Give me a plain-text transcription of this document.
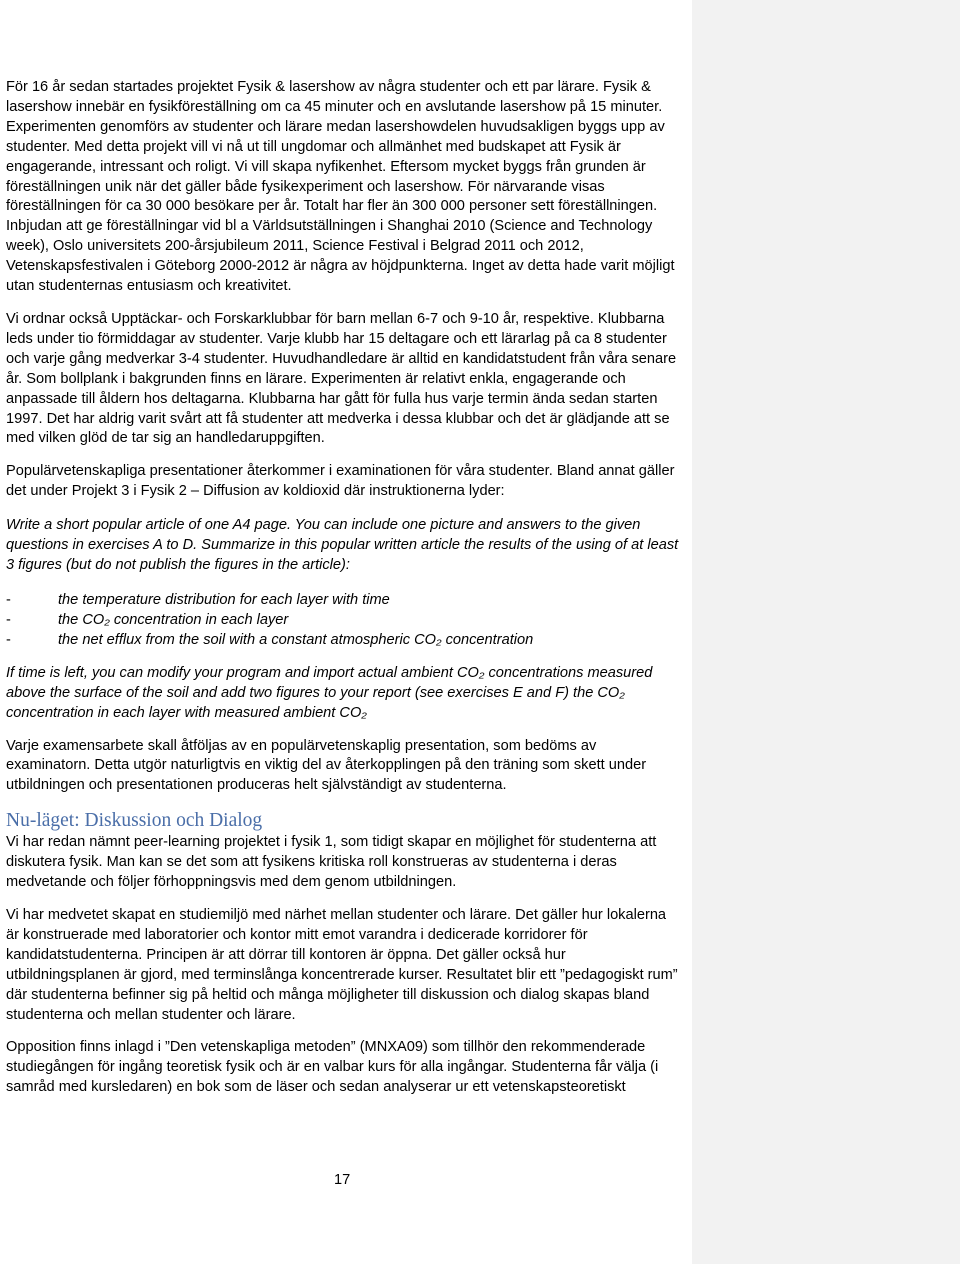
För 16 år sedan startades projektet Fysik & lasershow av några studenter och ett par lärare. Fysik & lasershow innebär en fysikföreställning om ca 45 minuter och en avslutande lasershow på 15 minuter. Experimenten genomförs av studenter och lärare medan lasershowdelen huvudsakligen byggs upp av studenter. Med detta projekt vill vi nå ut till ungdomar och allmänhet med budskapet att Fysik är engagerande, intressant och roligt. Vi vill skapa nyfikenhet. Eftersom mycket byggs från grunden är föreställningen unik när det gäller både fysikexperiment och lasershow. För närvarande visas föreställningen för ca 30 000 besökare per år. Totalt har fler än 300 000 personer sett föreställningen. Inbjudan att ge föreställningar vid bl a Världsutställningen i Shanghai 2010 (Science and Technology week), Oslo universitets 200-årsjubileum 2011, Science Festival i Belgrad 2011 och 2012, Vetenskapsfestivalen i Göteborg 2000-2012 är några av höjdpunkterna. Inget av detta hade varit möjligt utan studenternas entusiasm och kreativitet.

Vi ordnar också Upptäckar- och Forskarklubbar för barn mellan 6-7 och 9-10 år, respektive. Klubbarna leds under tio förmiddagar av studenter. Varje klubb har 15 deltagare och ett lärarlag på ca 8 studenter och varje gång medverkar 3-4 studenter. Huvudhandledare är alltid en kandidatstudent från våra senare år. Som bollplank i bakgrunden finns en lärare. Experimenten är relativt enkla, engagerande och anpassade till åldern hos deltagarna. Klubbarna har gått för fulla hus varje termin ända sedan starten 1997. Det har aldrig varit svårt att få studenter att medverka i dessa klubbar och det är glädjande att se med vilken glöd de tar sig an handledaruppgiften.

Populärvetenskapliga presentationer återkommer i examinationen för våra studenter. Bland annat gäller det under Projekt 3 i Fysik 2 – Diffusion av koldioxid där instruktionerna lyder:

Write a short popular article of one A4 page. You can include one picture and answers to the given questions in exercises A to D. Summarize in this popular written article the results of the using of at least 3 figures (but do not publish the figures in the article):

-	the temperature distribution for each layer with time
-	the CO₂ concentration in each layer
-	the net efflux from the soil with a constant atmospheric CO₂ concentration

If time is left, you can modify your program and import actual ambient CO₂ concentrations measured above the surface of the soil and add two figures to your report (see exercises E and F) the CO₂ concentration in each layer with measured ambient CO₂

Varje examensarbete skall åtföljas av en populärvetenskaplig presentation, som bedöms av examinatorn. Detta utgör naturligtvis en viktig del av återkopplingen på den träning som skett under utbildningen och presentationen produceras helt självständigt av studenterna.

Nu-läget: Diskussion och Dialog

Vi har redan nämnt peer-learning projektet i fysik 1, som tidigt skapar en möjlighet för studenterna att diskutera fysik. Man kan se det som att fysikens kritiska roll konstrueras av studenterna i deras medvetande och följer förhoppningsvis med dem genom utbildningen.

Vi har medvetet skapat en studiemiljö med närhet mellan studenter och lärare. Det gäller hur lokalerna är konstruerade med laboratorier och kontor mitt emot varandra i dedicerade korridorer för kandidatstudenterna. Principen är att dörrar till kontoren är öppna. Det gäller också hur utbildningsplanen är gjord, med terminslånga koncentrerade kurser. Resultatet blir ett ”pedagogiskt rum” där studenterna befinner sig på heltid och många möjligheter till diskussion och dialog skapas bland studenterna och mellan studenter och lärare.

Opposition finns inlagd i ”Den vetenskapliga metoden” (MNXA09) som tillhör den rekommenderade studiegången för ingång teoretisk fysik och är en valbar kurs för alla ingångar. Studenterna får välja (i samråd med kursledaren) en bok som de läser och sedan analyserar ur ett vetenskapsteoretiskt

17
